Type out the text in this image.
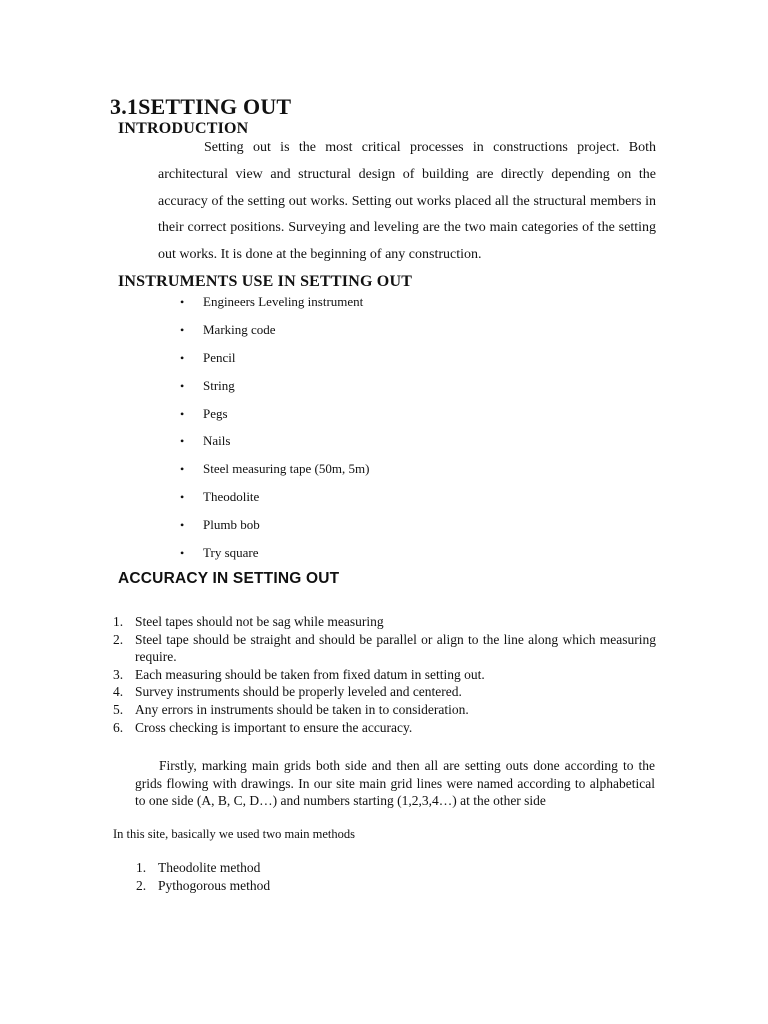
3.1SETTING OUT
INTRODUCTION

Setting out is the most critical processes in constructions project. Both architectural view and structural design of building are directly depending on the accuracy of the setting out works. Setting out works placed all the structural members in their correct positions. Surveying and leveling are the two main categories of the setting out works. It is done at the beginning of any construction.

INSTRUMENTS USE IN SETTING OUT
• Engineers Leveling instrument
• Marking code
• Pencil
• String
• Pegs
• Nails
• Steel measuring tape (50m, 5m)
• Theodolite
• Plumb bob
• Try square
ACCURACY IN SETTING OUT
1. Steel tapes should not be sag while measuring
2. Steel tape should be straight and should be parallel or align to the line along which measuring require.
3. Each measuring should be taken from fixed datum in setting out.
4. Survey instruments should be properly leveled and centered.
5. Any errors in instruments should be taken in to consideration.
6. Cross checking is important to ensure the accuracy.

Firstly, marking main grids both side and then all are setting outs done according to the grids flowing with drawings. In our site main grid lines were named according to alphabetical to one side (A, B, C, D…) and numbers starting (1,2,3,4…) at the other side

In this site, basically we used two main methods
1. Theodolite method
2. Pythogorous method
